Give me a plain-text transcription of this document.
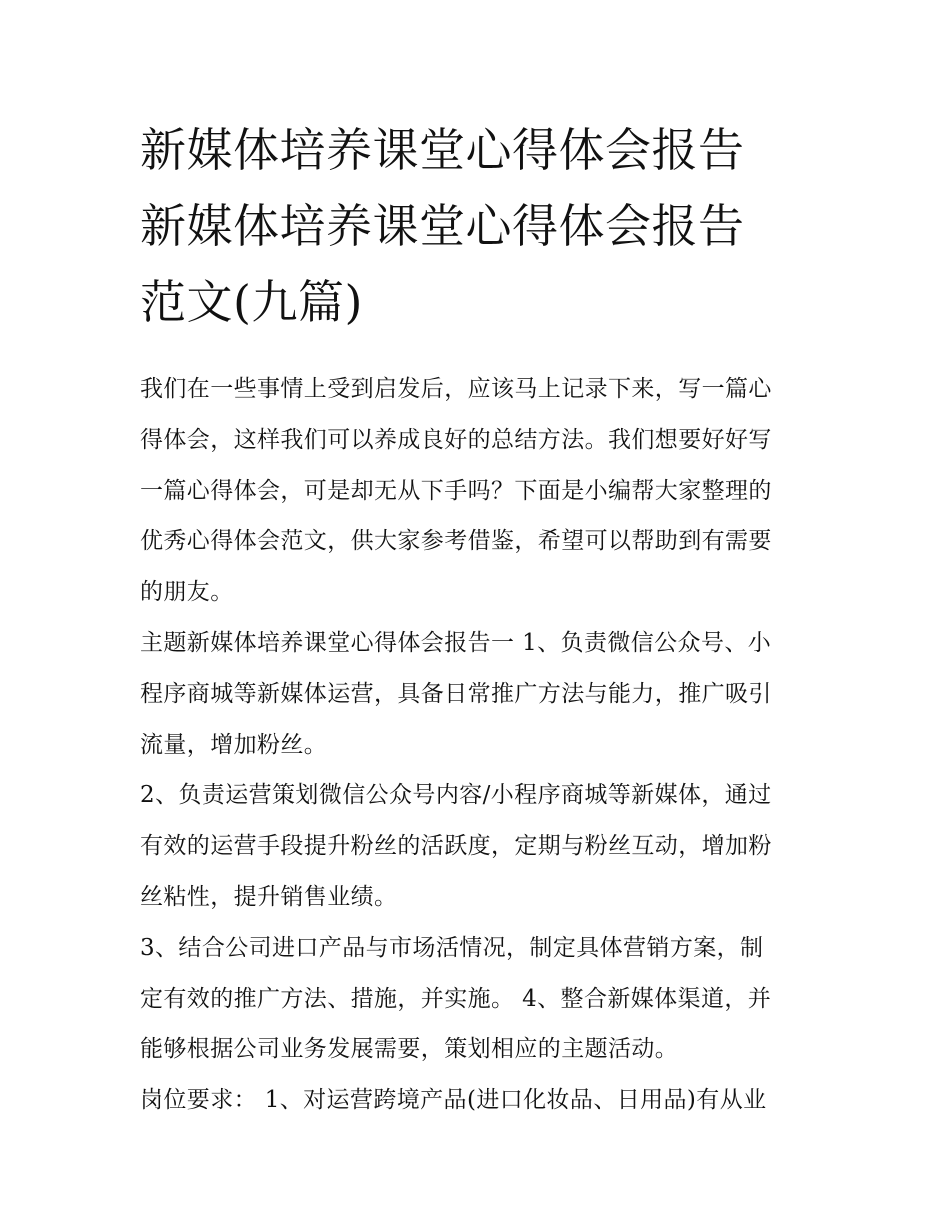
新媒体培养课堂心得体会报告
新媒体培养课堂心得体会报告
范文(九篇)

我们在一些事情上受到启发后，应该马上记录下来，写一篇心
得体会，这样我们可以养成良好的总结方法。我们想要好好写
一篇心得体会，可是却无从下手吗？下面是小编帮大家整理的
优秀心得体会范文，供大家参考借鉴，希望可以帮助到有需要
的朋友。

主题新媒体培养课堂心得体会报告一 1、负责微信公众号、小
程序商城等新媒体运营，具备日常推广方法与能力，推广吸引
流量，增加粉丝。

2、负责运营策划微信公众号内容/小程序商城等新媒体，通过
有效的运营手段提升粉丝的活跃度，定期与粉丝互动，增加粉
丝粘性，提升销售业绩。

3、结合公司进口产品与市场活情况，制定具体营销方案，制
定有效的推广方法、措施，并实施。 4、整合新媒体渠道，并
能够根据公司业务发展需要，策划相应的主题活动。

岗位要求： 1、对运营跨境产品(进口化妆品、日用品)有从业
